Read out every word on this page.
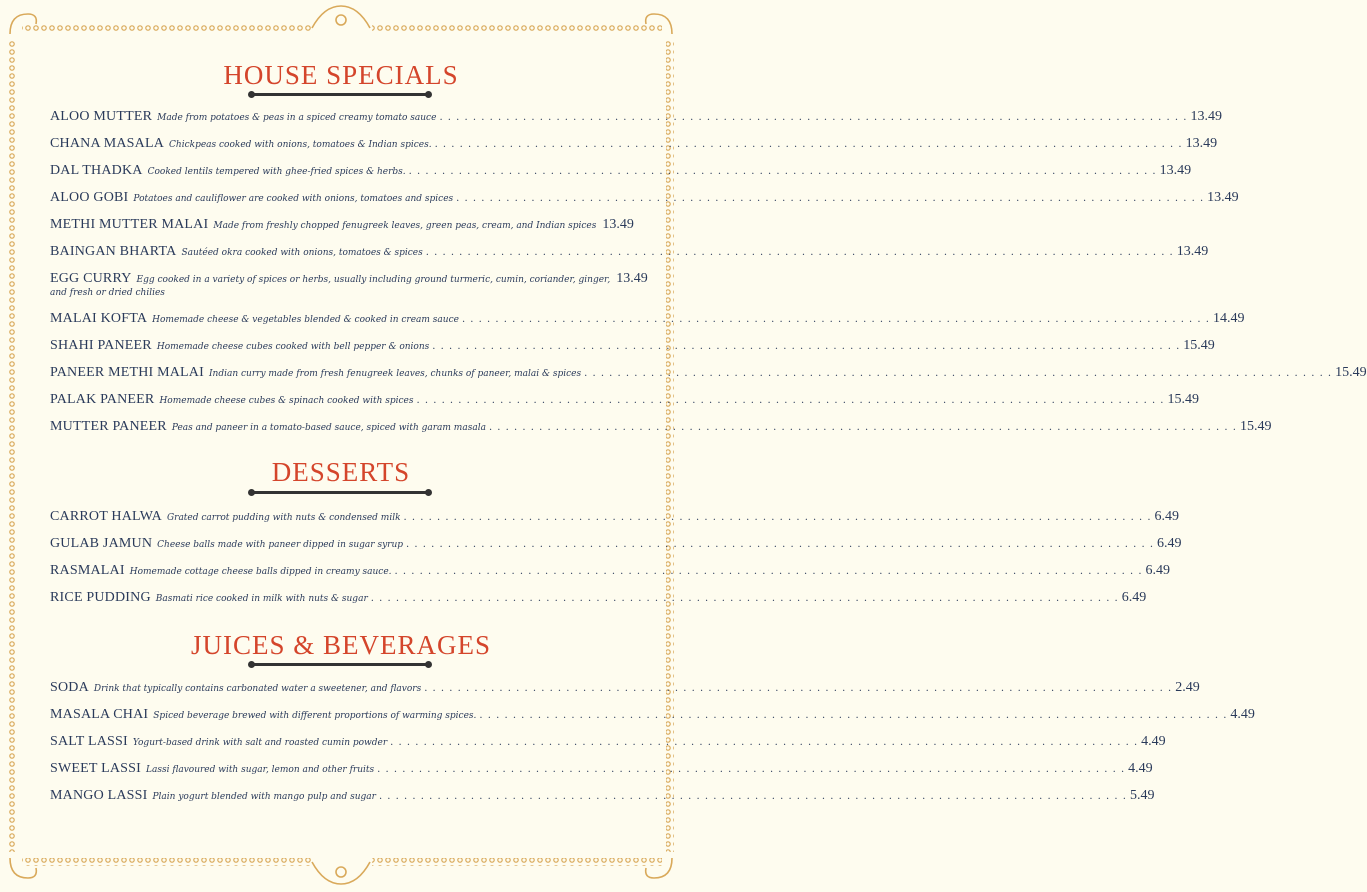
HOUSE SPECIALS
ALOO MUTTER Made from potatoes & peas in a spiced creamy tomato sauce . . .	13.49
CHANA MASALA Chickpeas cooked with onions, tomatoes & Indian spices. . . .	13.49
DAL THADKA Cooked lentils tempered with ghee-fried spices & herbs. . . .	13.49
ALOO GOBI Potatoes and cauliflower are cooked with onions, tomatoes and spices . . .	13.49
METHI MUTTER MALAI Made from freshly chopped fenugreek leaves, green peas, cream, and Indian spices 13.49
BAINGAN BHARTA Sautéed okra cooked with onions, tomatoes & spices . . .	13.49
EGG CURRY Egg cooked in a variety of spices or herbs, usually including ground turmeric, cumin, coriander, ginger, 13.49
and fresh or dried chilies
MALAI KOFTA Homemade cheese & vegetables blended & cooked in cream sauce . . .	14.49
SHAHI PANEER Homemade cheese cubes cooked with bell pepper & onions . . .	15.49
PANEER METHI MALAI Indian curry made from fresh fenugreek leaves, chunks of paneer, malai & spices . . .	15.49
PALAK PANEER Homemade cheese cubes & spinach cooked with spices . . .	15.49
MUTTER PANEER Peas and paneer in a tomato-based sauce, spiced with garam masala . . .	15.49
DESSERTS
CARROT HALWA Grated carrot pudding with nuts & condensed milk . . .	6.49
GULAB JAMUN Cheese balls made with paneer dipped in sugar syrup . . .	6.49
RASMALAI Homemade cottage cheese balls dipped in creamy sauce. . . .	6.49
RICE PUDDING Basmati rice cooked in milk with nuts & sugar . . .	6.49
JUICES & BEVERAGES
SODA Drink that typically contains carbonated water a sweetener, and flavors . . .	2.49
MASALA CHAI Spiced beverage brewed with different proportions of warming spices. . . .	4.49
SALT LASSI Yogurt-based drink with salt and roasted cumin powder . . .	4.49
SWEET LASSI Lassi flavoured with sugar, lemon and other fruits . . .	4.49
MANGO LASSI Plain yogurt blended with mango pulp and sugar . . .	5.49
